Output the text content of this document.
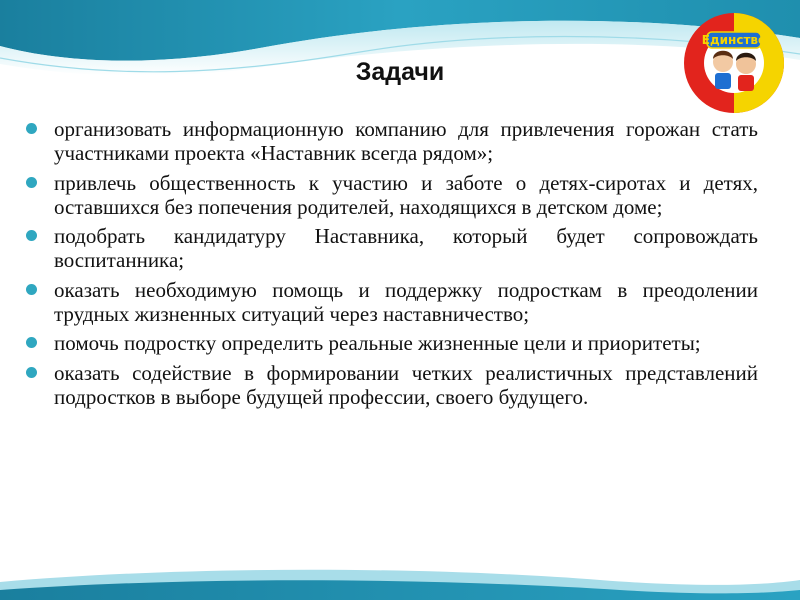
Единство
Задачи
организовать информационную компанию для привлечения горожан стать участниками проекта «Наставник всегда рядом»;
привлечь общественность к участию и заботе о детях-сиротах и детях, оставшихся без попечения родителей, находящихся в детском доме;
подобрать кандидатуру Наставника, который будет сопровождать воспитанника;
оказать необходимую помощь и поддержку подросткам в преодолении трудных жизненных ситуаций через наставничество;
помочь подростку определить реальные жизненные цели и приоритеты;
оказать содействие в формировании четких реалистичных представлений подростков в выборе будущей профессии, своего будущего.
